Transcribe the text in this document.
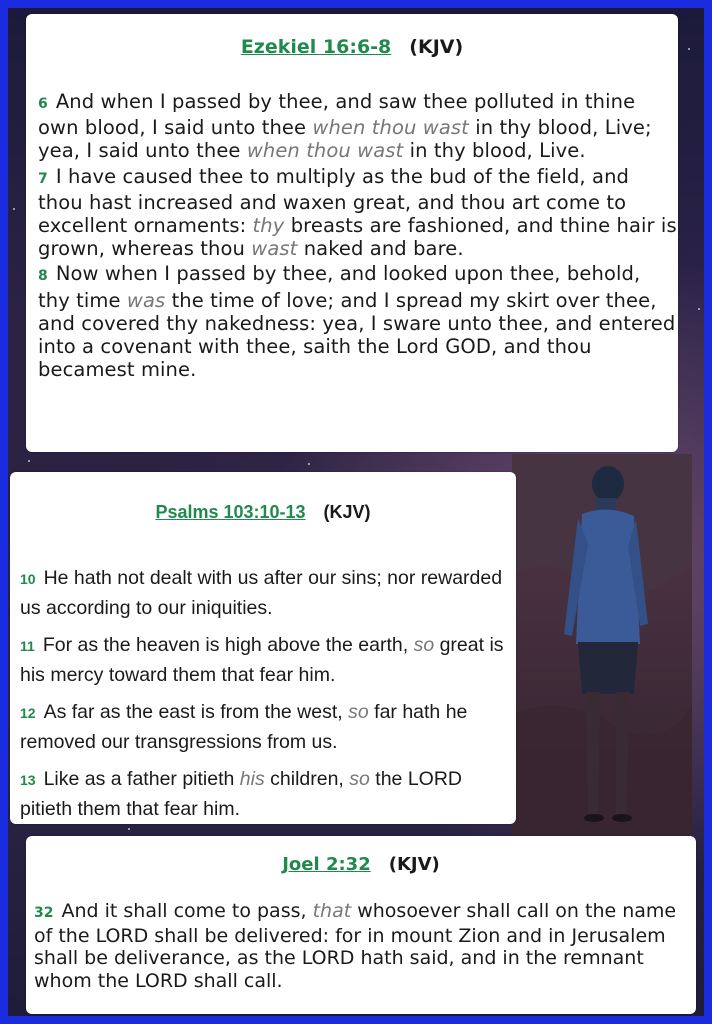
Ezekiel 16:6-8 (KJV)

6 And when I passed by thee, and saw thee polluted in thine own blood, I said unto thee when thou wast in thy blood, Live; yea, I said unto thee when thou wast in thy blood, Live.

7 I have caused thee to multiply as the bud of the field, and thou hast increased and waxen great, and thou art come to excellent ornaments: thy breasts are fashioned, and thine hair is grown, whereas thou wast naked and bare.

8 Now when I passed by thee, and looked upon thee, behold, thy time was the time of love; and I spread my skirt over thee, and covered thy nakedness: yea, I sware unto thee, and entered into a covenant with thee, saith the Lord GOD, and thou becamest mine.

Psalms 103:10-13 (KJV)

10 He hath not dealt with us after our sins; nor rewarded us according to our iniquities.

11 For as the heaven is high above the earth, so great is his mercy toward them that fear him.

12 As far as the east is from the west, so far hath he removed our transgressions from us.

13 Like as a father pitieth his children, so the LORD pitieth them that fear him.

Joel 2:32 (KJV)

32 And it shall come to pass, that whosoever shall call on the name of the LORD shall be delivered: for in mount Zion and in Jerusalem shall be deliverance, as the LORD hath said, and in the remnant whom the LORD shall call.
